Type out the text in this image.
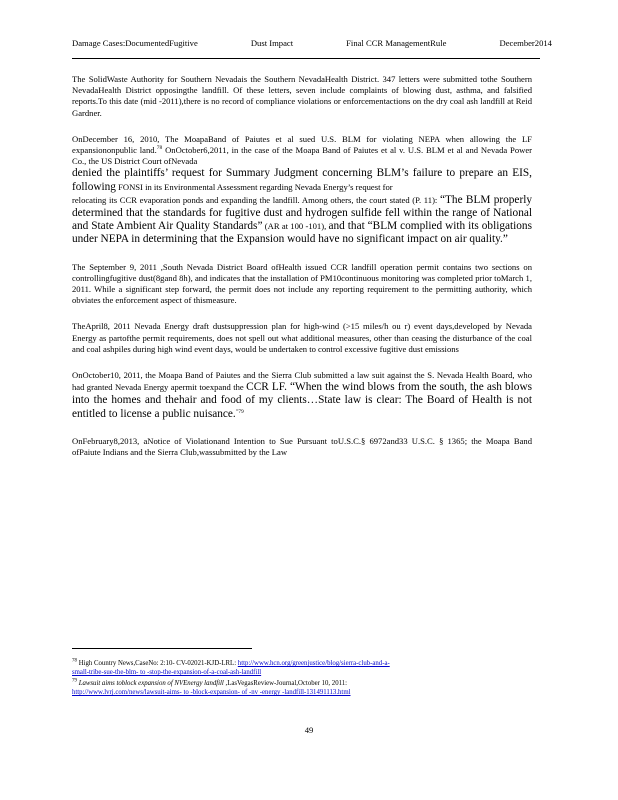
Damage Cases:DocumentedFugitive	Dust Impact	Final CCR ManagementRule	December2014

The SolidWaste Authority for Southern Nevadais the Southern NevadaHealth District. 347 letters were submitted tothe Southern NevadaHealth District opposingthe landfill. Of these letters, seven include complaints of blowing dust, asthma, and falsified reports.To this date (mid -2011),there is no record of compliance violations or enforcementactions on the dry coal ash landfill at Reid Gardner.

OnDecember 16, 2010, The MoapaBand of Paiutes et al sued U.S. BLM for violating NEPA when allowing the LF expansiononpublic land.$^{78}$ OnOctober6,2011, in the case of the Moapa Band of Paiutes et al v. U.S. BLM et al and Nevada Power Co., the US District Court ofNevada
denied the plaintiffs’ request for Summary Judgment concerning BLM’s failure to prepare an EIS, following FONSI in its Environmental Assessment regarding Nevada Energy’s request for
relocating its CCR evaporation ponds and expanding the landfill. Among others, the court stated (P. 11): “The BLM properly determined that the standards for fugitive dust and hydrogen sulfide fell within the range of National and State Ambient Air Quality Standards” (AR at 100 -101), and that “BLM complied with its obligations under NEPA in determining that the Expansion would have no significant impact on air quality.”

The September 9, 2011 ,South Nevada District Board ofHealth issued CCR landfill operation permit contains two sections on controllingfugitive dust(8gand 8h), and indicates that the installation of PM10continuous monitoring was completed prior toMarch 1, 2011. While a significant step forward, the permit does not include any reporting requirement to the permitting authority, which obviates the enforcement aspect of thismeasure.

TheApril8, 2011 Nevada Energy draft dustsuppression plan for high-wind (>15 miles/h ou r) event days,developed by Nevada Energy as partofthe permit requirements, does not spell out what additional measures, other than ceasing the disturbance of the coal and coal ashpiles during high wind event days, would be undertaken to control excessive fugitive dust emissions

OnOctober10, 2011, the Moapa Band of Paiutes and the Sierra Club submitted a law suit against the S. Nevada Health Board, who had granted Nevada Energy apermit toexpand the CCR LF. “When the wind blows from the south, the ash blows into the homes and thehair and food of my clients…State law is clear: The Board of Health is not entitled to license a public nuisance.$^{”79}$

OnFebruary8,2013, aNotice of Violationand Intention to Sue Pursuant toU.S.C.§ 6972and33 U.S.C. § 1365; the Moapa Band ofPaiute Indians and the Sierra Club,wassubmitted by the Law

$^{78}$ High Country News,CaseNo: 2:10- CV-02021-KJD-LRL: http://www.hcn.org/greenjustice/blog/sierra-club-and-a-
small-tribe-sue-the-blm- to -stop-the-expansion-of-a-coal-ash-landfill
$^{79}$ Lawsuit aims toblock expansion of NVEnergy landfill ,LasVegasReview-Journal,October 10, 2011:
http://www.lvrj.com/news/lawsuit-aims- to -block-expansion- of -nv -energy -landfill-131491113.html
49
